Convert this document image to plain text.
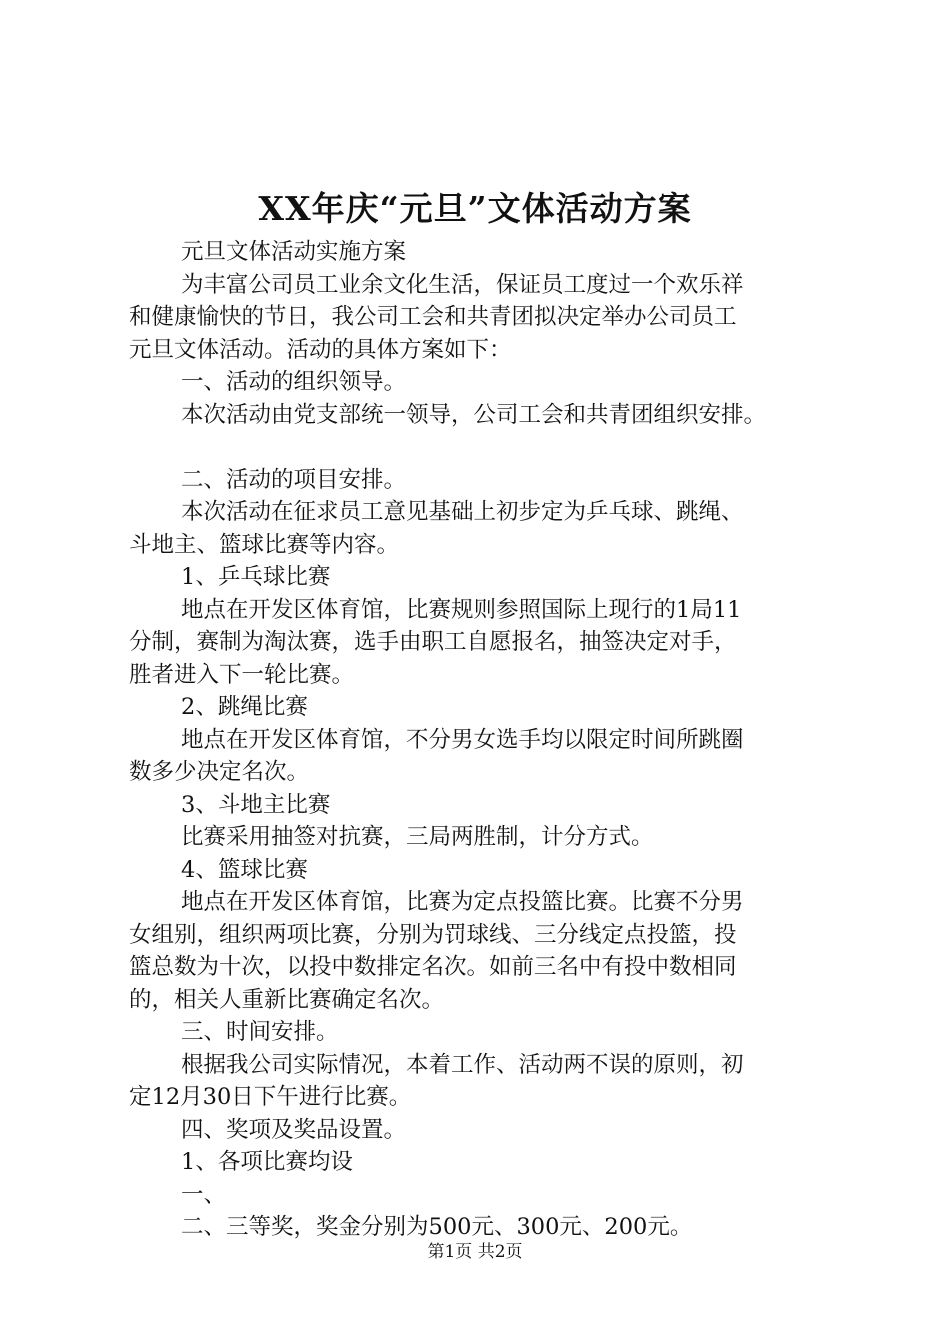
XX年庆“元旦”文体活动方案

元旦文体活动实施方案

为丰富公司员工业余文化生活，保证员工度过一个欢乐祥

和健康愉快的节日，我公司工会和共青团拟决定举办公司员工

元旦文体活动。活动的具体方案如下：

一、活动的组织领导。

本次活动由党支部统一领导，公司工会和共青团组织安排。

二、活动的项目安排。

本次活动在征求员工意见基础上初步定为乒乓球、跳绳、

斗地主、篮球比赛等内容。

1、乒乓球比赛

地点在开发区体育馆，比赛规则参照国际上现行的1局11

分制，赛制为淘汰赛，选手由职工自愿报名，抽签决定对手，

胜者进入下一轮比赛。

2、跳绳比赛

地点在开发区体育馆，不分男女选手均以限定时间所跳圈

数多少决定名次。

3、斗地主比赛

比赛采用抽签对抗赛，三局两胜制，计分方式。

4、篮球比赛

地点在开发区体育馆，比赛为定点投篮比赛。比赛不分男

女组别，组织两项比赛，分别为罚球线、三分线定点投篮，投

篮总数为十次，以投中数排定名次。如前三名中有投中数相同

的，相关人重新比赛确定名次。

三、时间安排。

根据我公司实际情况，本着工作、活动两不误的原则，初

定12月30日下午进行比赛。

四、奖项及奖品设置。

1、各项比赛均设

一、

二、三等奖，奖金分别为500元、300元、200元。

第1页 共2页
